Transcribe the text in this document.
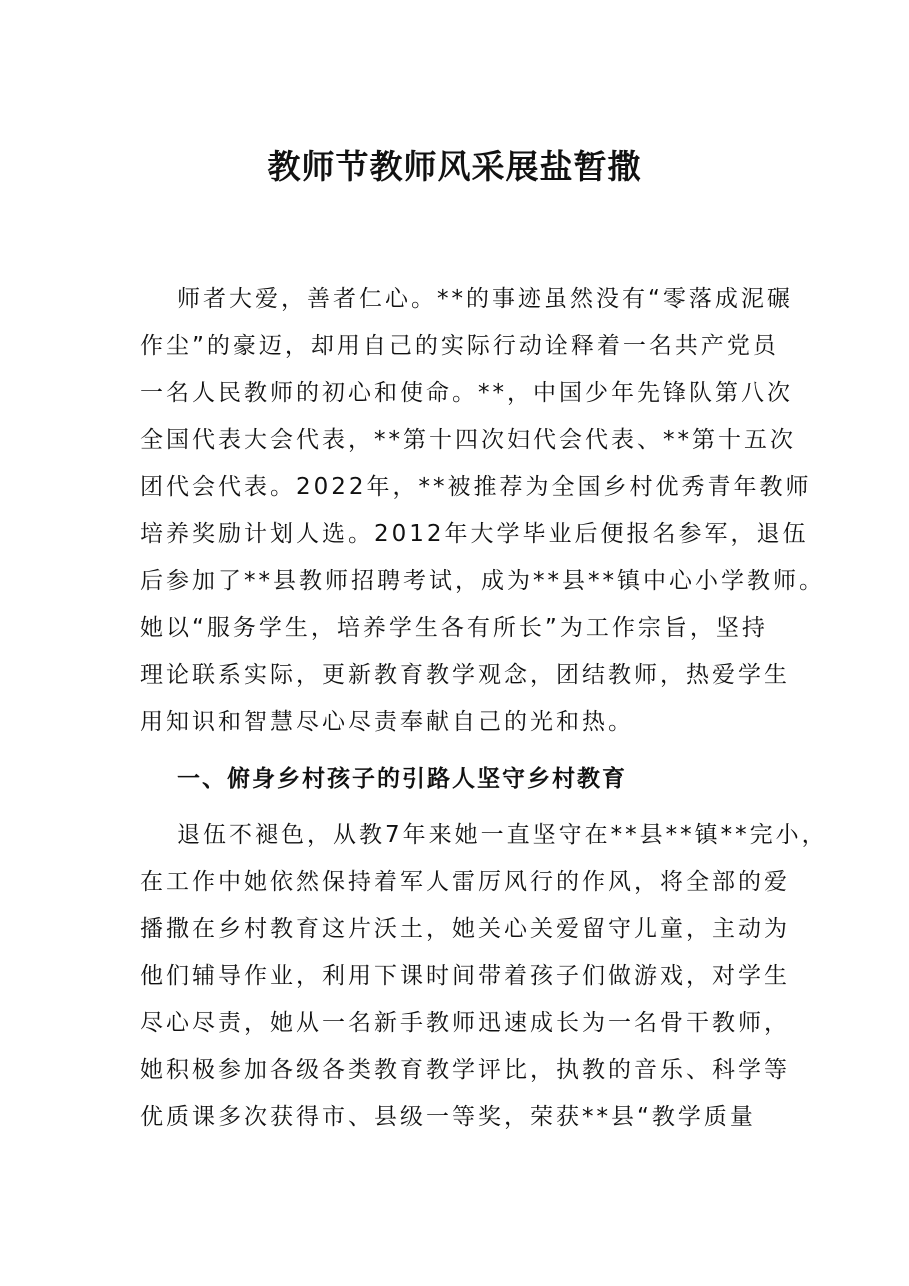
教师节教师风采展盐暂撒
师者大爱，善者仁心。**的事迹虽然没有“零落成泥碾
作尘”的豪迈，却用自己的实际行动诠释着一名共产党员
一名人民教师的初心和使命。**，中国少年先锋队第八次
全国代表大会代表，**第十四次妇代会代表、**第十五次
团代会代表。2022年，**被推荐为全国乡村优秀青年教师
培养奖励计划人选。2012年大学毕业后便报名参军，退伍
后参加了**县教师招聘考试，成为**县**镇中心小学教师。
她以“服务学生，培养学生各有所长”为工作宗旨，坚持
理论联系实际，更新教育教学观念，团结教师，热爱学生
用知识和智慧尽心尽责奉献自己的光和热。
一、俯身乡村孩子的引路人坚守乡村教育
退伍不褪色，从教7年来她一直坚守在**县**镇**完小，
在工作中她依然保持着军人雷厉风行的作风，将全部的爱
播撒在乡村教育这片沃土，她关心关爱留守儿童，主动为
他们辅导作业，利用下课时间带着孩子们做游戏，对学生
尽心尽责，她从一名新手教师迅速成长为一名骨干教师，
她积极参加各级各类教育教学评比，执教的音乐、科学等
优质课多次获得市、县级一等奖，荣获**县“教学质量
